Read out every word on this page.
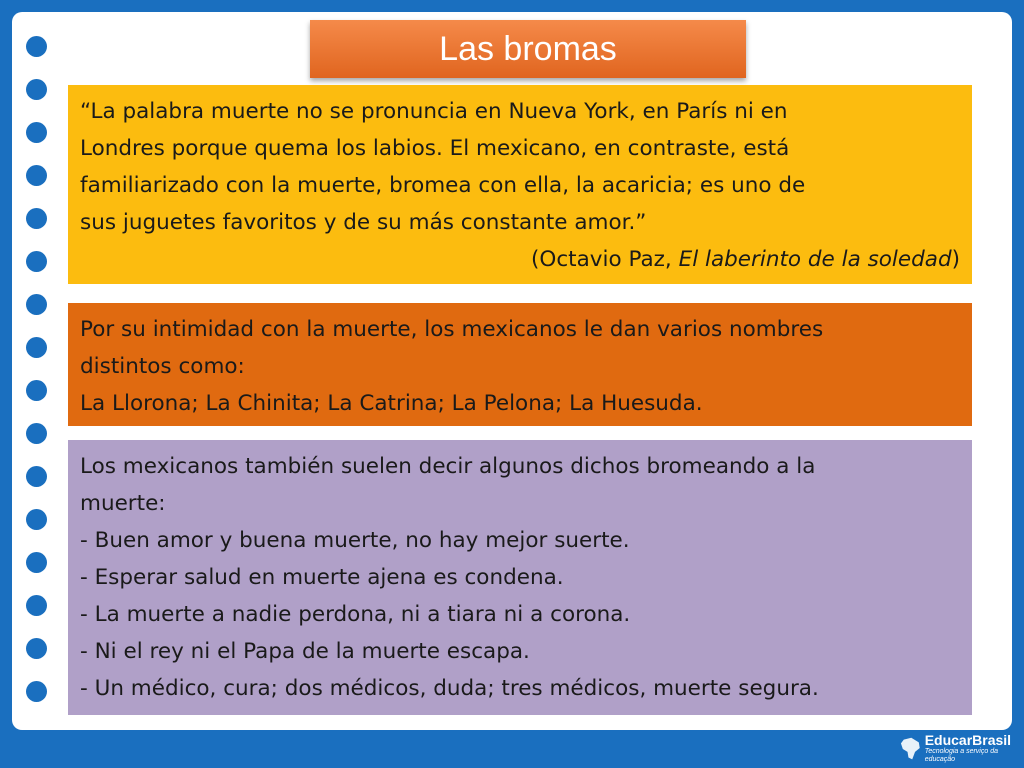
Las bromas

“La palabra muerte no se pronuncia en Nueva York, en París ni en

Londres porque quema los labios. El mexicano, en contraste, está

familiarizado con la muerte, bromea con ella, la acaricia; es uno de

sus juguetes favoritos y de su más constante amor.”

(Octavio Paz, El laberinto de la soledad)

Por su intimidad con la muerte, los mexicanos le dan varios nombres

distintos como:

La Llorona; La Chinita; La Catrina; La Pelona; La Huesuda.

Los mexicanos también suelen decir algunos dichos bromeando a la

muerte:

- Buen amor y buena muerte, no hay mejor suerte.

- Esperar salud en muerte ajena es condena.

- La muerte a nadie perdona, ni a tiara ni a corona.

- Ni el rey ni el Papa de la muerte escapa.

- Un médico, cura; dos médicos, duda; tres médicos, muerte segura.

EducarBrasil
Tecnologia a serviço da educação
